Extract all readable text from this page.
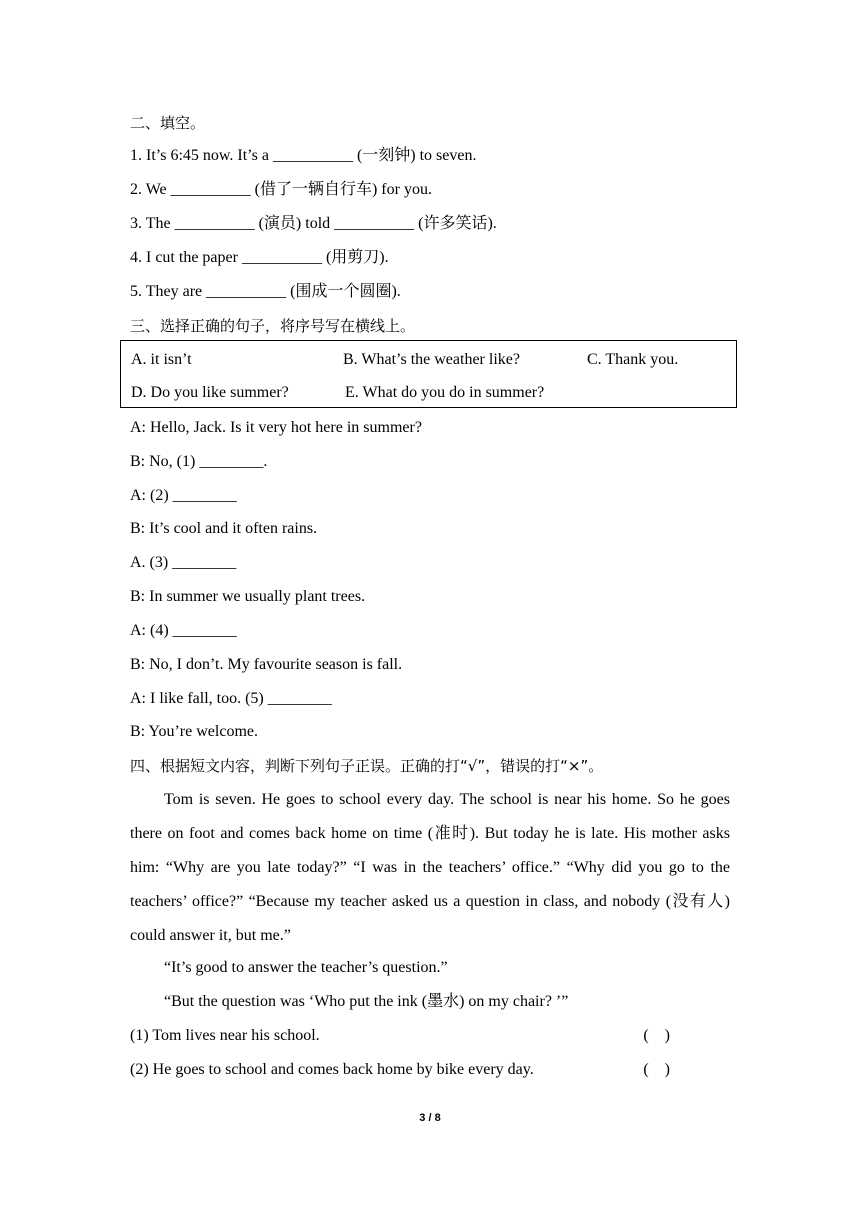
二、填空。
1. It’s 6:45 now. It’s a __________ (一刻钟) to seven.
2. We __________ (借了一辆自行车) for you.
3. The __________ (演员) told __________ (许多笑话).
4. I cut the paper __________ (用剪刀).
5. They are __________ (围成一个圆圈).
三、选择正确的句子，将序号写在横线上。
A. it isn’t	B. What’s the weather like?	C. Thank you.
D. Do you like summer?	E. What do you do in summer?
A: Hello, Jack. Is it very hot here in summer?
B: No, (1) ________.
A: (2) ________
B: It’s cool and it often rains.
A. (3) ________
B: In summer we usually plant trees.
A: (4) ________
B: No, I don’t. My favourite season is fall.
A: I like fall, too. (5) ________
B: You’re welcome.
四、根据短文内容，判断下列句子正误。正确的打“√”，错误的打“×”。
Tom is seven. He goes to school every day. The school is near his home. So he goes there on foot and comes back home on time (准时). But today he is late. His mother asks him: “Why are you late today?” “I was in the teachers’ office.” “Why did you go to the teachers’ office?” “Because my teacher asked us a question in class, and nobody (没有人) could answer it, but me.”
“It’s good to answer the teacher’s question.”
“But the question was ‘Who put the ink (墨水) on my chair? ’”
(1) Tom lives near his school.	(    )
(2) He goes to school and comes back home by bike every day.	(    )
3 / 8
